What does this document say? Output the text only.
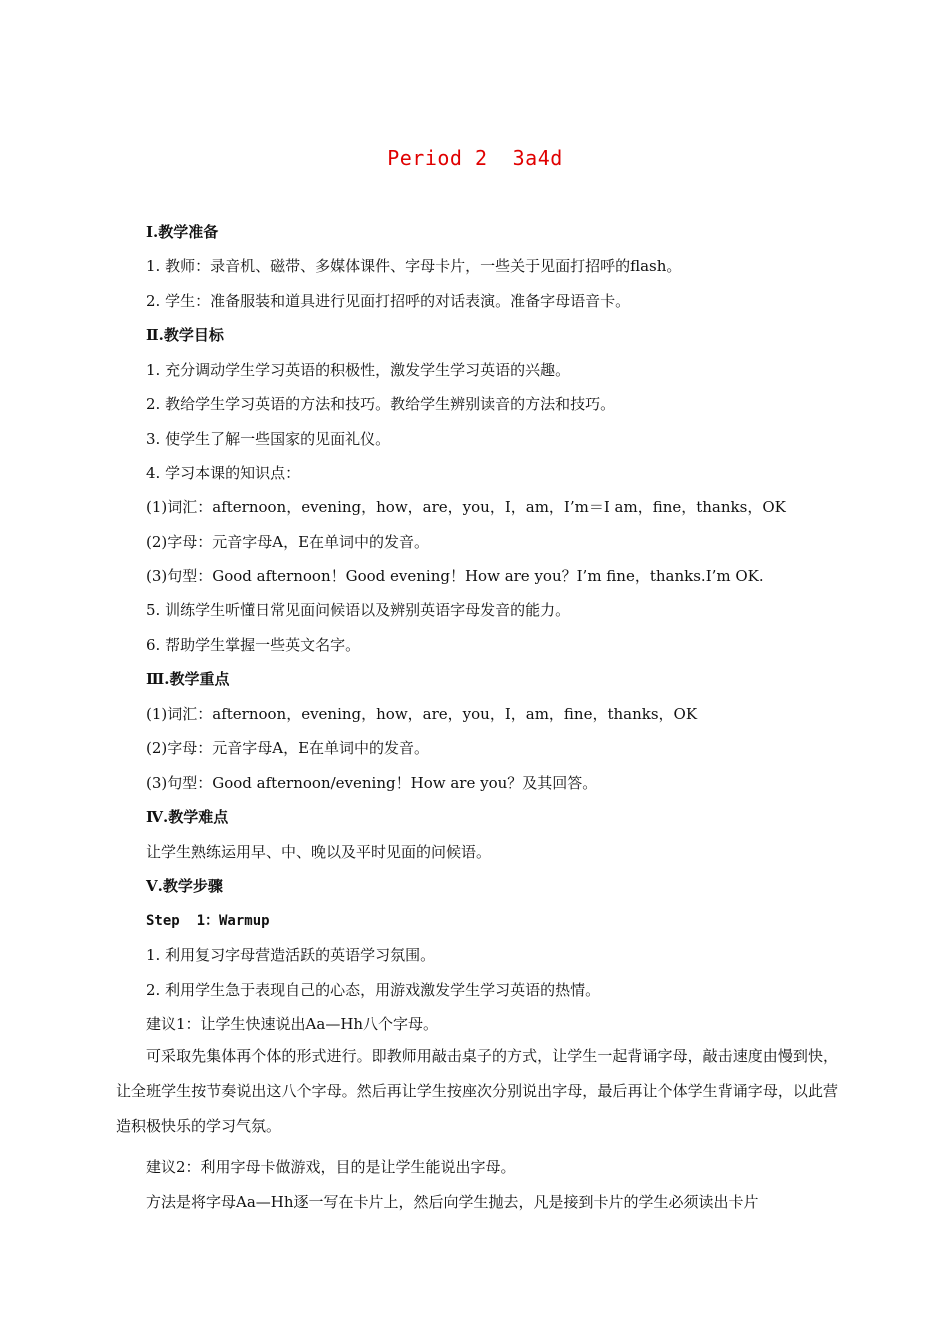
Period 2  3a4d
Ⅰ.教学准备
1. 教师：录音机、磁带、多媒体课件、字母卡片，一些关于见面打招呼的flash。
2. 学生：准备服装和道具进行见面打招呼的对话表演。准备字母语音卡。
Ⅱ.教学目标
1. 充分调动学生学习英语的积极性，激发学生学习英语的兴趣。
2. 教给学生学习英语的方法和技巧。教给学生辨别读音的方法和技巧。
3. 使学生了解一些国家的见面礼仪。
4. 学习本课的知识点：
(1)词汇：afternoon，evening，how，are，you，I，am，I’m＝I am，fine，thanks，OK
(2)字母：元音字母A，E在单词中的发音。
(3)句型：Good afternoon！Good evening！How are you？I’m fine，thanks.I’m OK.
5. 训练学生听懂日常见面问候语以及辨别英语字母发音的能力。
6. 帮助学生掌握一些英文名字。
Ⅲ.教学重点
(1)词汇：afternoon，evening，how，are，you，I，am，fine，thanks，OK
(2)字母：元音字母A，E在单词中的发音。
(3)句型：Good afternoon/evening！How are you？及其回答。
Ⅳ.教学难点
让学生熟练运用早、中、晚以及平时见面的问候语。
Ⅴ.教学步骤
Step  1：Warmup
1. 利用复习字母营造活跃的英语学习氛围。
2. 利用学生急于表现自己的心态，用游戏激发学生学习英语的热情。
建议1：让学生快速说出Aa—Hh八个字母。
可采取先集体再个体的形式进行。即教师用敲击桌子的方式，让学生一起背诵字母，敲击速度由慢到快，让全班学生按节奏说出这八个字母。然后再让学生按座次分别说出字母，最后再让个体学生背诵字母，以此营造积极快乐的学习气氛。
建议2：利用字母卡做游戏，目的是让学生能说出字母。
方法是将字母Aa—Hh逐一写在卡片上，然后向学生抛去，凡是接到卡片的学生必须读出卡片
